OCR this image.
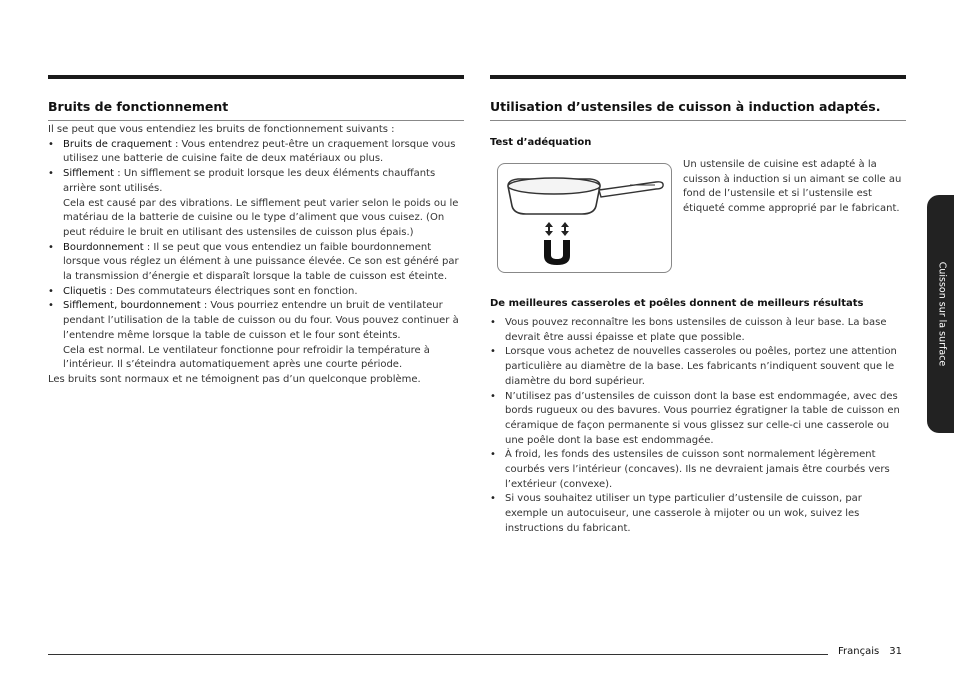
Bruits de fonctionnement

Il se peut que vous entendiez les bruits de fonctionnement suivants :

• Bruits de craquement : Vous entendrez peut-être un craquement lorsque vous utilisez une batterie de cuisine faite de deux matériaux ou plus.
• Sifflement : Un sifflement se produit lorsque les deux éléments chauffants arrière sont utilisés.

Cela est causé par des vibrations. Le sifflement peut varier selon le poids ou le matériau de la batterie de cuisine ou le type d’aliment que vous cuisez. (On peut réduire le bruit en utilisant des ustensiles de cuisson plus épais.)

• Bourdonnement : Il se peut que vous entendiez un faible bourdonnement lorsque vous réglez un élément à une puissance élevée. Ce son est généré par la transmission d’énergie et disparaît lorsque la table de cuisson est éteinte.
• Cliquetis : Des commutateurs électriques sont en fonction.
• Sifflement, bourdonnement : Vous pourriez entendre un bruit de ventilateur pendant l’utilisation de la table de cuisson ou du four. Vous pouvez continuer à l’entendre même lorsque la table de cuisson et le four sont éteints.

Cela est normal. Le ventilateur fonctionne pour refroidir la température à l’intérieur. Il s’éteindra automatiquement après une courte période.

Les bruits sont normaux et ne témoignent pas d’un quelconque problème.

Utilisation d’ustensiles de cuisson à induction adaptés.

Test d’adéquation

Un ustensile de cuisine est adapté à la cuisson à induction si un aimant se colle au fond de l’ustensile et si l’ustensile est étiqueté comme approprié par le fabricant.

De meilleures casseroles et poêles donnent de meilleurs résultats

• Vous pouvez reconnaître les bons ustensiles de cuisson à leur base. La base devrait être aussi épaisse et plate que possible.
• Lorsque vous achetez de nouvelles casseroles ou poêles, portez une attention particulière au diamètre de la base. Les fabricants n’indiquent souvent que le diamètre du bord supérieur.
• N’utilisez pas d’ustensiles de cuisson dont la base est endommagée, avec des bords rugueux ou des bavures. Vous pourriez égratigner la table de cuisson en céramique de façon permanente si vous glissez sur celle-ci une casserole ou une poêle dont la base est endommagée.
• À froid, les fonds des ustensiles de cuisson sont normalement légèrement courbés vers l’intérieur (concaves). Ils ne devraient jamais être courbés vers l’extérieur (convexe).
• Si vous souhaitez utiliser un type particulier d’ustensile de cuisson, par exemple un autocuiseur, une casserole à mijoter ou un wok, suivez les instructions du fabricant.
Cuisson sur la surface
Français 31
